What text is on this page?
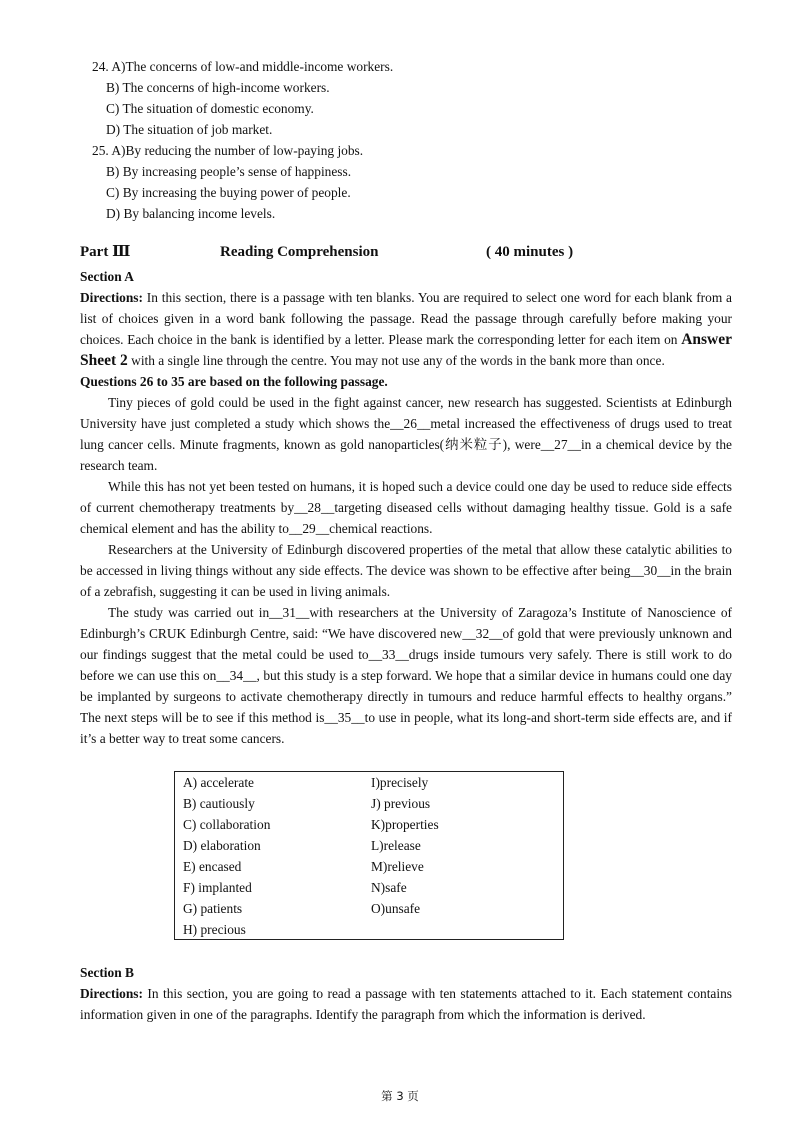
24. A)The concerns of low-and middle-income workers.
B) The concerns of high-income workers.
C) The situation of domestic economy.
D) The situation of job market.
25. A)By reducing the number of low-paying jobs.
B) By increasing people’s sense of happiness.
C) By increasing the buying power of people.
D) By balancing income levels.
Part Ⅲ	Reading Comprehension	( 40 minutes )
Section A

Directions: In this section, there is a passage with ten blanks. You are required to select one word for each blank from a list of choices given in a word bank following the passage. Read the passage through carefully before making your choices. Each choice in the bank is identified by a letter. Please mark the corresponding letter for each item on Answer Sheet 2 with a single line through the centre. You may not use any of the words in the bank more than once.

Questions 26 to 35 are based on the following passage.

Tiny pieces of gold could be used in the fight against cancer, new research has suggested. Scientists at Edinburgh University have just completed a study which shows the__26__metal increased the effectiveness of drugs used to treat lung cancer cells. Minute fragments, known as gold nanoparticles(纳米粒子), were__27__in a chemical device by the research team.

While this has not yet been tested on humans, it is hoped such a device could one day be used to reduce side effects of current chemotherapy treatments by__28__targeting diseased cells without damaging healthy tissue. Gold is a safe chemical element and has the ability to__29__chemical reactions.

Researchers at the University of Edinburgh discovered properties of the metal that allow these catalytic abilities to be accessed in living things without any side effects. The device was shown to be effective after being__30__in the brain of a zebrafish, suggesting it can be used in living animals.

The study was carried out in__31__with researchers at the University of Zaragoza’s Institute of Nanoscience of Edinburgh’s CRUK Edinburgh Centre, said: “We have discovered new__32__of gold that were previously unknown and our findings suggest that the metal could be used to__33__drugs inside tumours very safely. There is still work to do before we can use this on__34__, but this study is a step forward. We hope that a similar device in humans could one day be implanted by surgeons to activate chemotherapy directly in tumours and reduce harmful effects to healthy organs.” The next steps will be to see if this method is__35__to use in people, what its long-and short-term side effects are, and if it’s a better way to treat some cancers.

A) accelerate
B) cautiously
C) collaboration
D) elaboration
E) encased
F) implanted
G) patients
H) precious
I)precisely
J) previous
K)properties
L)release
M)relieve
N)safe
O)unsafe
Section B

Directions: In this section, you are going to read a passage with ten statements attached to it. Each statement contains information given in one of the paragraphs. Identify the paragraph from which the information is derived.

第 3 页
